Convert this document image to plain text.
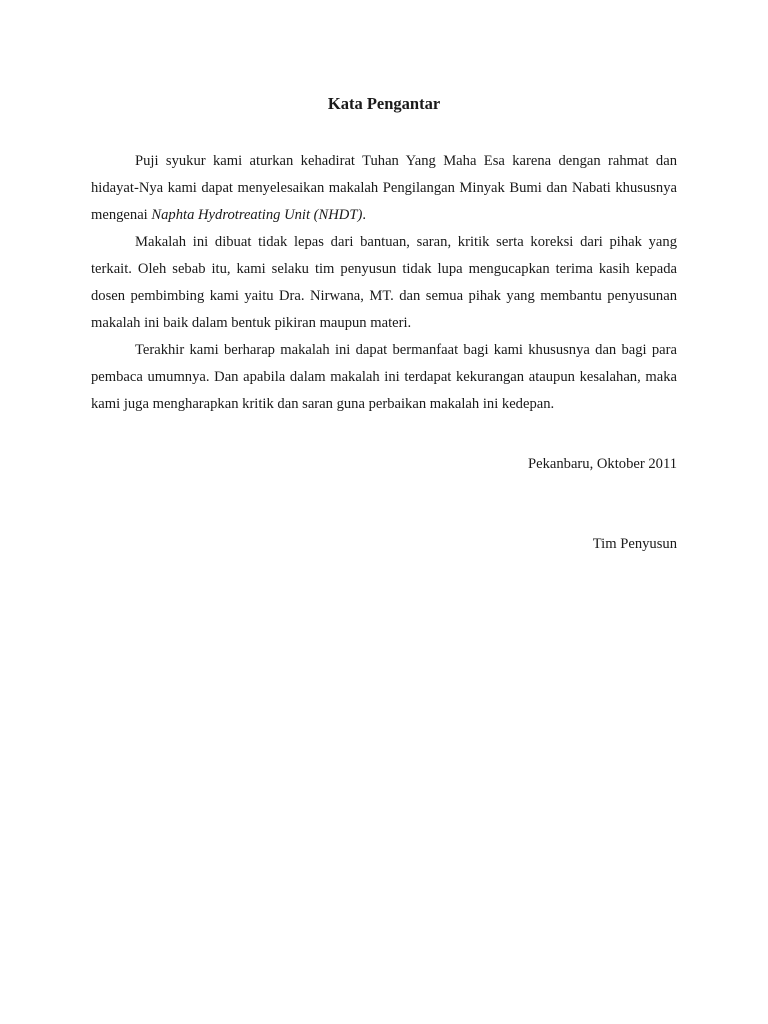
Kata Pengantar

Puji syukur kami aturkan kehadirat Tuhan Yang Maha Esa karena dengan rahmat dan hidayat-Nya kami dapat menyelesaikan makalah Pengilangan Minyak Bumi dan Nabati khususnya mengenai Naphta Hydrotreating Unit (NHDT).

Makalah ini dibuat tidak lepas dari bantuan, saran, kritik serta koreksi dari pihak yang terkait. Oleh sebab itu, kami selaku tim penyusun tidak lupa mengucapkan terima kasih kepada dosen pembimbing kami yaitu Dra. Nirwana, MT. dan semua pihak yang membantu penyusunan makalah ini baik dalam bentuk pikiran maupun materi.

Terakhir kami berharap makalah ini dapat bermanfaat bagi kami khususnya dan bagi para pembaca umumnya. Dan apabila dalam makalah ini terdapat kekurangan ataupun kesalahan, maka kami juga mengharapkan kritik dan saran guna perbaikan makalah ini kedepan.

Pekanbaru, Oktober 2011
Tim Penyusun
